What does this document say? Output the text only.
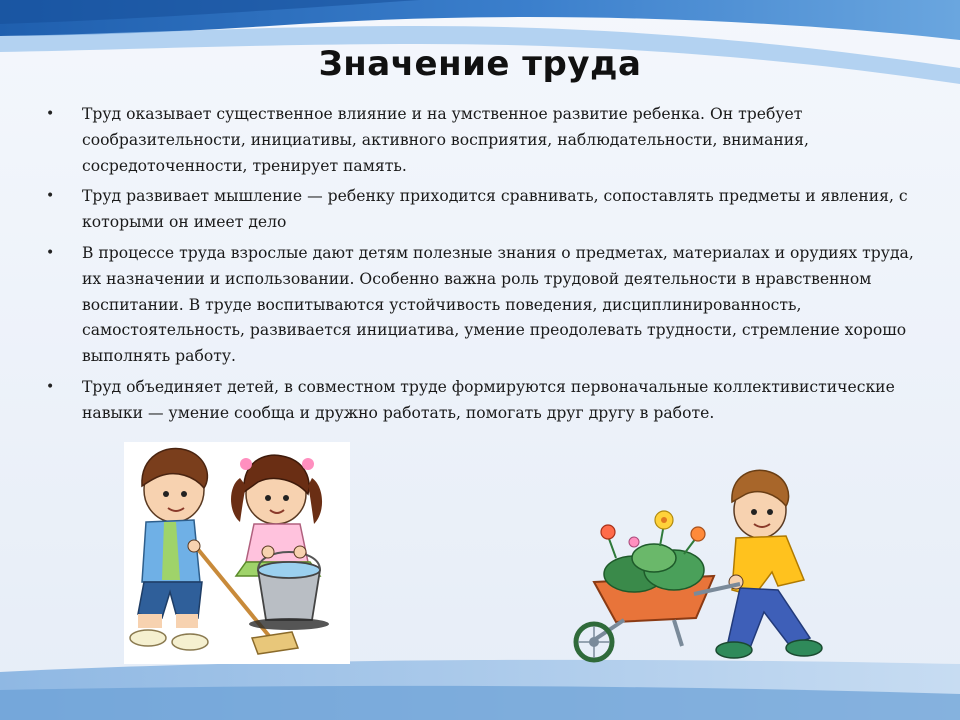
Значение труда
• Труд оказывает существенное влияние и на умственное развитие ребенка. Он требует сообразительности, инициативы, активного восприятия, наблюдательности, внимания, сосредоточенности, тренирует память.
• Труд развивает мышление — ребенку приходится сравнивать, сопоставлять предметы и явления, с которыми он имеет дело
• В процессе труда взрослые дают детям полезные знания о предметах, материалах и орудиях труда, их назначении и использовании. Особенно важна роль трудовой деятельности в нравственном воспитании. В труде воспитываются устойчивость поведения, дисциплинированность, самостоятельность, развивается инициатива, умение преодолевать трудности, стремление хорошо выполнять работу.
• Труд объединяет детей, в совместном труде формируются первоначальные коллективистические навыки — умение сообща и дружно работать, помогать друг другу в работе.
